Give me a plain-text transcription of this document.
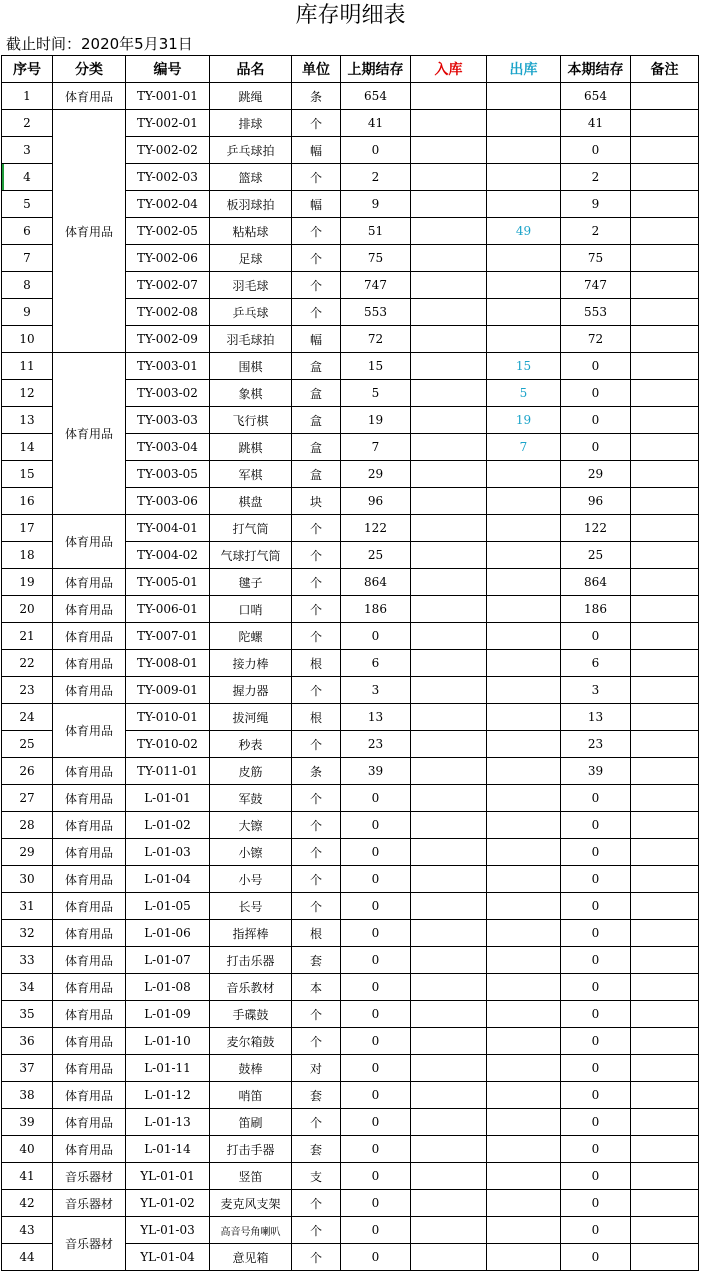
库存明细表
截止时间：2020年5月31日
序号	分类	编号	品名	单位	上期结存	入库	出库	本期结存	备注
1	体育用品	TY-001-01	跳绳	条	654			654	
2	体育用品	TY-002-01	排球	个	41			41	
3		TY-002-02	乒乓球拍	幅	0			0	
4		TY-002-03	篮球	个	2			2	
5		TY-002-04	板羽球拍	幅	9			9	
6		TY-002-05	粘粘球	个	51		49	2	
7		TY-002-06	足球	个	75			75	
8		TY-002-07	羽毛球	个	747			747	
9		TY-002-08	乒乓球	个	553			553	
10		TY-002-09	羽毛球拍	幅	72			72	
11	体育用品	TY-003-01	围棋	盒	15		15	0	
12		TY-003-02	象棋	盒	5		5	0	
13		TY-003-03	飞行棋	盒	19		19	0	
14		TY-003-04	跳棋	盒	7		7	0	
15		TY-003-05	军棋	盒	29			29	
16		TY-003-06	棋盘	块	96			96	
17	体育用品	TY-004-01	打气筒	个	122			122	
18		TY-004-02	气球打气筒	个	25			25	
19	体育用品	TY-005-01	毽子	个	864			864	
20	体育用品	TY-006-01	口哨	个	186			186	
21	体育用品	TY-007-01	陀螺	个	0			0	
22	体育用品	TY-008-01	接力棒	根	6			6	
23	体育用品	TY-009-01	握力器	个	3			3	
24	体育用品	TY-010-01	拔河绳	根	13			13	
25		TY-010-02	秒表	个	23			23	
26	体育用品	TY-011-01	皮筋	条	39			39	
27	体育用品	L-01-01	军鼓	个	0			0	
28	体育用品	L-01-02	大镲	个	0			0	
29	体育用品	L-01-03	小镲	个	0			0	
30	体育用品	L-01-04	小号	个	0			0	
31	体育用品	L-01-05	长号	个	0			0	
32	体育用品	L-01-06	指挥棒	根	0			0	
33	体育用品	L-01-07	打击乐器	套	0			0	
34	体育用品	L-01-08	音乐教材	本	0			0	
35	体育用品	L-01-09	手碟鼓	个	0			0	
36	体育用品	L-01-10	麦尔箱鼓	个	0			0	
37	体育用品	L-01-11	鼓棒	对	0			0	
38	体育用品	L-01-12	哨笛	套	0			0	
39	体育用品	L-01-13	笛刷	个	0			0	
40	体育用品	L-01-14	打击手器	套	0			0	
41	音乐器材	YL-01-01	竖笛	支	0			0	
42	音乐器材	YL-01-02	麦克风支架	个	0			0	
43	音乐器材	YL-01-03	高音号角喇叭	个	0			0	
44		YL-01-04	意见箱	个	0			0	
